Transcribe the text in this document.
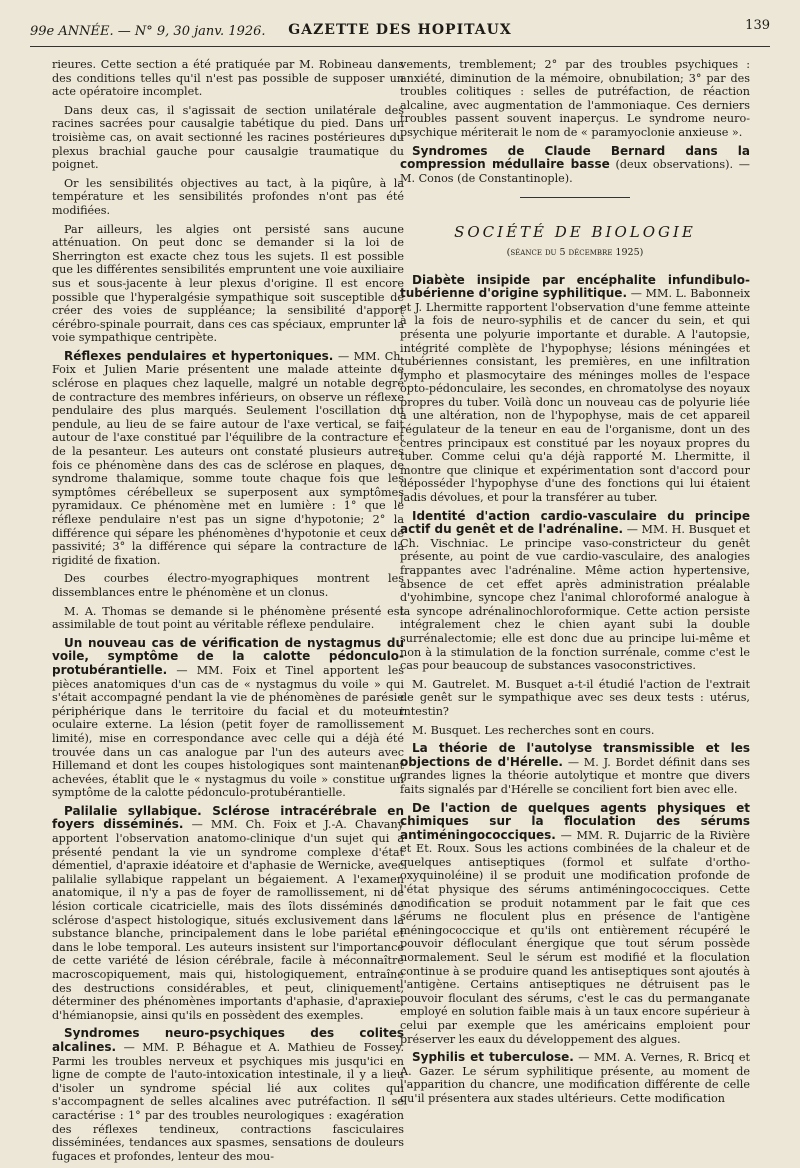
99e ANNÉE. — N° 9, 30 janv. 1926.	GAZETTE DES HOPITAUX	139

rieures. Cette section a été pratiquée par M. Robineau dans des conditions telles qu'il n'est pas possible de supposer un acte opératoire incomplet.

Dans deux cas, il s'agissait de section unilatérale des racines sacrées pour causalgie tabétique du pied. Dans un troisième cas, on avait sectionné les racines postérieures du plexus brachial gauche pour causalgie traumatique du poignet.

Or les sensibilités objectives au tact, à la piqûre, à la température et les sensibilités profondes n'ont pas été modifiées.

Par ailleurs, les algies ont persisté sans aucune atténuation. On peut donc se demander si la loi de Sherrington est exacte chez tous les sujets. Il est possible que les différentes sensibilités empruntent une voie auxiliaire sus et sous-jacente à leur plexus d'origine. Il est encore possible que l'hyperalgésie sympathique soit susceptible de créer des voies de suppléance; la sensibilité d'apport cérébro-spinale pourrait, dans ces cas spéciaux, emprunter la voie sympathique centripète.

Réflexes pendulaires et hypertoniques. — MM. Ch. Foix et Julien Marie présentent une malade atteinte de sclérose en plaques chez laquelle, malgré un notable degré de contracture des membres inférieurs, on observe un réflexe pendulaire des plus marqués. Seulement l'oscillation du pendule, au lieu de se faire autour de l'axe vertical, se fait autour de l'axe constitué par l'équilibre de la contracture et de la pesanteur. Les auteurs ont constaté plusieurs autres fois ce phénomène dans des cas de sclérose en plaques, de syndrome thalamique, somme toute chaque fois que les symptômes cérébelleux se superposent aux symptômes pyramidaux. Ce phénomène met en lumière : 1° que le réflexe pendulaire n'est pas un signe d'hypotonie; 2° la différence qui sépare les phénomènes d'hypotonie et ceux de passivité; 3° la différence qui sépare la contracture de la rigidité de fixation.

Des courbes électro-myographiques montrent les dissemblances entre le phénomène et un clonus.

M. A. Thomas se demande si le phénomène présenté est assimilable de tout point au véritable réflexe pendulaire.

Un nouveau cas de vérification de nystagmus du voile, symptôme de la calotte pédonculo-protubérantielle. — MM. Foix et Tinel apportent les pièces anatomiques d'un cas de « nystagmus du voile » qui s'était accompagné pendant la vie de phénomènes de parésie périphérique dans le territoire du facial et du moteur oculaire externe. La lésion (petit foyer de ramollissement limité), mise en correspondance avec celle qui a déjà été trouvée dans un cas analogue par l'un des auteurs avec Hillemand et dont les coupes histologiques sont maintenant achevées, établit que le « nystagmus du voile » constitue un symptôme de la calotte pédonculo-protubérantielle.

Palilalie syllabique. Sclérose intracérébrale en foyers disséminés. — MM. Ch. Foix et J.-A. Chavany apportent l'observation anatomo-clinique d'un sujet qui a présenté pendant la vie un syndrome complexe d'état démentiel, d'apraxie idéatoire et d'aphasie de Wernicke, avec palilalie syllabique rappelant un bégaiement. A l'examen anatomique, il n'y a pas de foyer de ramollissement, ni de lésion corticale cicatricielle, mais des îlots disséminés de sclérose d'aspect histologique, situés exclusivement dans la substance blanche, principalement dans le lobe pariétal et dans le lobe temporal. Les auteurs insistent sur l'importance de cette variété de lésion cérébrale, facile à méconnaître macroscopiquement, mais qui, histologiquement, entraîne des destructions considérables, et peut, cliniquement, déterminer des phénomènes importants d'aphasie, d'apraxie, d'hémianopsie, ainsi qu'ils en possèdent des exemples.

Syndromes neuro-psychiques des colites alcalines. — MM. P. Béhague et A. Mathieu de Fossey. Parmi les troubles nerveux et psychiques mis jusqu'ici en ligne de compte de l'auto-intoxication intestinale, il y a lieu d'isoler un syndrome spécial lié aux colites qui s'accompagnent de selles alcalines avec putréfaction. Il se caractérise : 1° par des troubles neurologiques : exagération des réflexes tendineux, contractions fasciculaires disséminées, tendances aux spasmes, sensations de douleurs fugaces et profondes, lenteur des mou-

vements, tremblement; 2° par des troubles psychiques : anxiété, diminution de la mémoire, obnubilation; 3° par des troubles colitiques : selles de putréfaction, de réaction alcaline, avec augmentation de l'ammoniaque. Ces derniers troubles passent souvent inaperçus. Le syndrome neuro-psychique mériterait le nom de « paramyoclonie anxieuse ».

Syndromes de Claude Bernard dans la compression médullaire basse (deux observations). — M. Conos (de Constantinople).

SOCIÉTÉ DE BIOLOGIE
(séance du 5 décembre 1925)

Diabète insipide par encéphalite infundibulo-tubérienne d'origine syphilitique. — MM. L. Babonneix et J. Lhermitte rapportent l'observation d'une femme atteinte à la fois de neuro-syphilis et de cancer du sein, et qui présenta une polyurie importante et durable. A l'autopsie, intégrité complète de l'hypophyse; lésions méningées et tubériennes consistant, les premières, en une infiltration lympho et plasmocytaire des méninges molles de l'espace opto-pédonculaire, les secondes, en chromatolyse des noyaux propres du tuber. Voilà donc un nouveau cas de polyurie liée à une altération, non de l'hypophyse, mais de cet appareil régulateur de la teneur en eau de l'organisme, dont un des centres principaux est constitué par les noyaux propres du tuber. Comme celui qu'a déjà rapporté M. Lhermitte, il montre que clinique et expérimentation sont d'accord pour déposséder l'hypophyse d'une des fonctions qui lui étaient jadis dévolues, et pour la transférer au tuber.

Identité d'action cardio-vasculaire du principe actif du genêt et de l'adrénaline. — MM. H. Busquet et Ch. Vischniac. Le principe vaso-constricteur du genêt présente, au point de vue cardio-vasculaire, des analogies frappantes avec l'adrénaline. Même action hypertensive, absence de cet effet après administration préalable d'yohimbine, syncope chez l'animal chloroformé analogue à la syncope adrénalinochloroformique. Cette action persiste intégralement chez le chien ayant subi la double surrénalectomie; elle est donc due au principe lui-même et non à la stimulation de la fonction surrénale, comme c'est le cas pour beaucoup de substances vasoconstrictives.

M. Gautrelet. M. Busquet a-t-il étudié l'action de l'extrait de genêt sur le sympathique avec ses deux tests : utérus, intestin?

M. Busquet. Les recherches sont en cours.

La théorie de l'autolyse transmissible et les objections de d'Hérelle. — M. J. Bordet définit dans ses grandes lignes la théorie autolytique et montre que divers faits signalés par d'Hérelle se concilient fort bien avec elle.

De l'action de quelques agents physiques et chimiques sur la floculation des sérums antiméningococciques. — MM. R. Dujarric de la Rivière et Et. Roux. Sous les actions combinées de la chaleur et de quelques antiseptiques (formol et sulfate d'ortho-oxyquinoléine) il se produit une modification profonde de l'état physique des sérums antiméningococciques. Cette modification se produit notamment par le fait que ces sérums ne floculent plus en présence de l'antigène méningococcique et qu'ils ont entièrement récupéré le pouvoir défloculant énergique que tout sérum possède normalement. Seul le sérum est modifié et la floculation continue à se produire quand les antiseptiques sont ajoutés à l'antigène. Certains antiseptiques ne détruisent pas le pouvoir floculant des sérums, c'est le cas du permanganate employé en solution faible mais à un taux encore supérieur à celui par exemple que les américains emploient pour préserver les eaux du développement des algues.

Syphilis et tuberculose. — MM. A. Vernes, R. Bricq et A. Gazer. Le sérum syphilitique présente, au moment de l'apparition du chancre, une modification différente de celle qu'il présentera aux stades ultérieurs. Cette modification
